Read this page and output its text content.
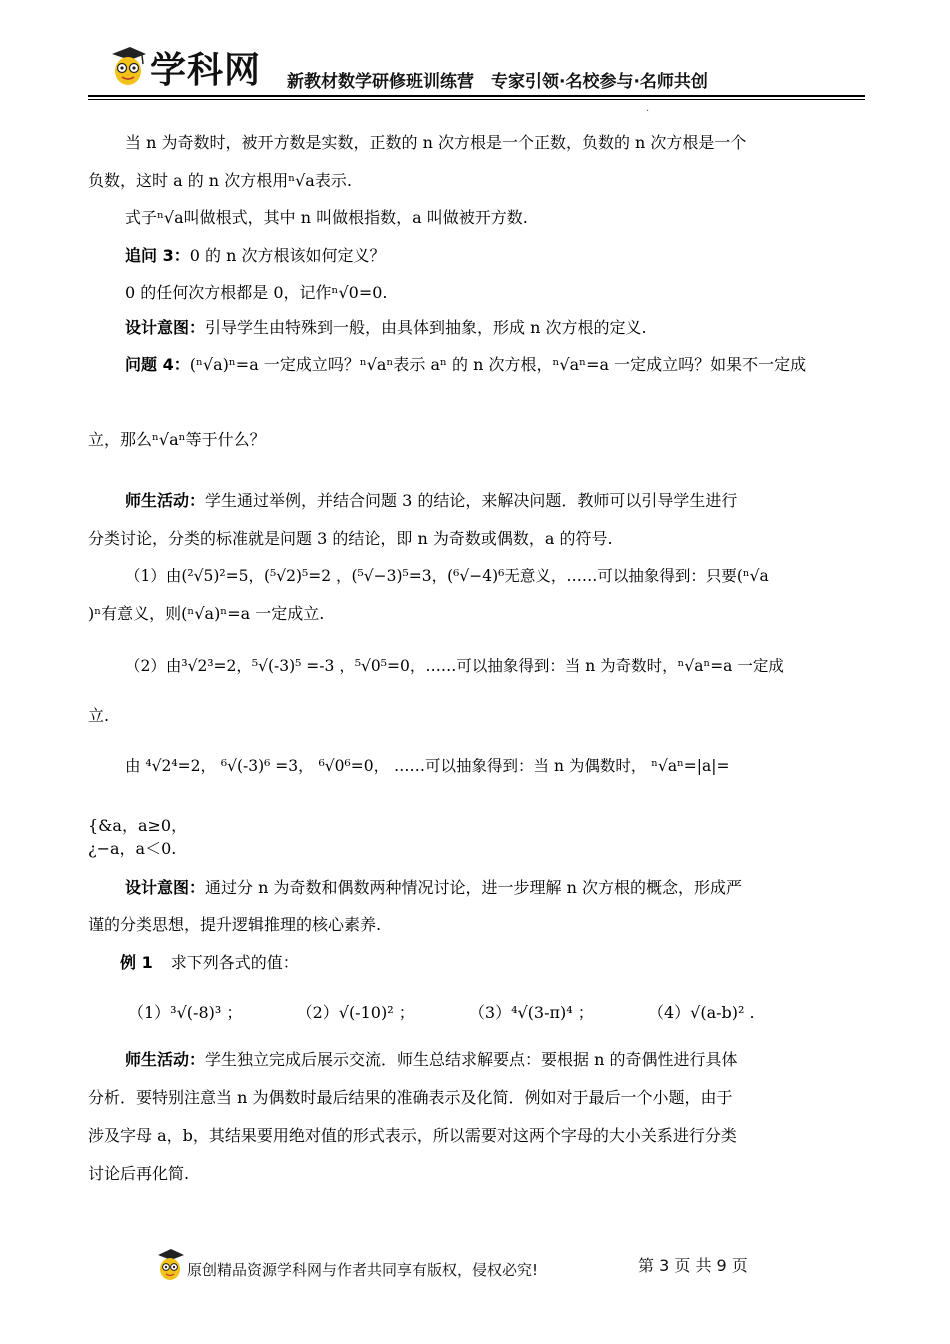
学科网 新教材数学研修班训练营　专家引领·名校参与·名师共创
·
当 n 为奇数时，被开方数是实数，正数的 n 次方根是一个正数，负数的 n 次方根是一个
负数，这时 a 的 n 次方根用ⁿ√a表示.
式子ⁿ√a叫做根式，其中 n 叫做根指数，a 叫做被开方数.
追问 3：0 的 n 次方根该如何定义？
0 的任何次方根都是 0，记作ⁿ√0=0.
设计意图：引导学生由特殊到一般，由具体到抽象，形成 n 次方根的定义.
问题 4：(ⁿ√a)ⁿ=a 一定成立吗？ⁿ√aⁿ表示 aⁿ 的 n 次方根，ⁿ√aⁿ=a 一定成立吗？如果不一定成
立，那么ⁿ√aⁿ等于什么？
师生活动：学生通过举例，并结合问题 3 的结论，来解决问题．教师可以引导学生进行
分类讨论，分类的标准就是问题 3 的结论，即 n 为奇数或偶数，a 的符号.
（1）由(²√5)²=5，(⁵√2)⁵=2 ，(⁵√−3)⁵=3，(⁶√−4)⁶无意义，……可以抽象得到：只要(ⁿ√a
)ⁿ有意义，则(ⁿ√a)ⁿ=a 一定成立.
（2）由³√2³=2，⁵√(-3)⁵ =-3 ，⁵√0⁵=0，……可以抽象得到：当 n 为奇数时，ⁿ√aⁿ=a 一定成
立.
由 ⁴√2⁴=2， ⁶√(-3)⁶ =3， ⁶√0⁶=0， ……可以抽象得到：当 n 为偶数时， ⁿ√aⁿ=|a|=
{&a，a≥0，
¿−a，a＜0.
设计意图：通过分 n 为奇数和偶数两种情况讨论，进一步理解 n 次方根的概念，形成严
谨的分类思想，提升逻辑推理的核心素养.
例 1 求下列各式的值：
（1）³√(-8)³ ；	（2）√(-10)² ；	（3）⁴√(3-π)⁴ ；	（4）√(a-b)² .
师生活动：学生独立完成后展示交流．师生总结求解要点：要根据 n 的奇偶性进行具体
分析．要特别注意当 n 为偶数时最后结果的准确表示及化简．例如对于最后一个小题，由于
涉及字母 a，b，其结果要用绝对值的形式表示，所以需要对这两个字母的大小关系进行分类
讨论后再化简.
原创精品资源学科网与作者共同享有版权，侵权必究!	第 3 页 共 9 页
